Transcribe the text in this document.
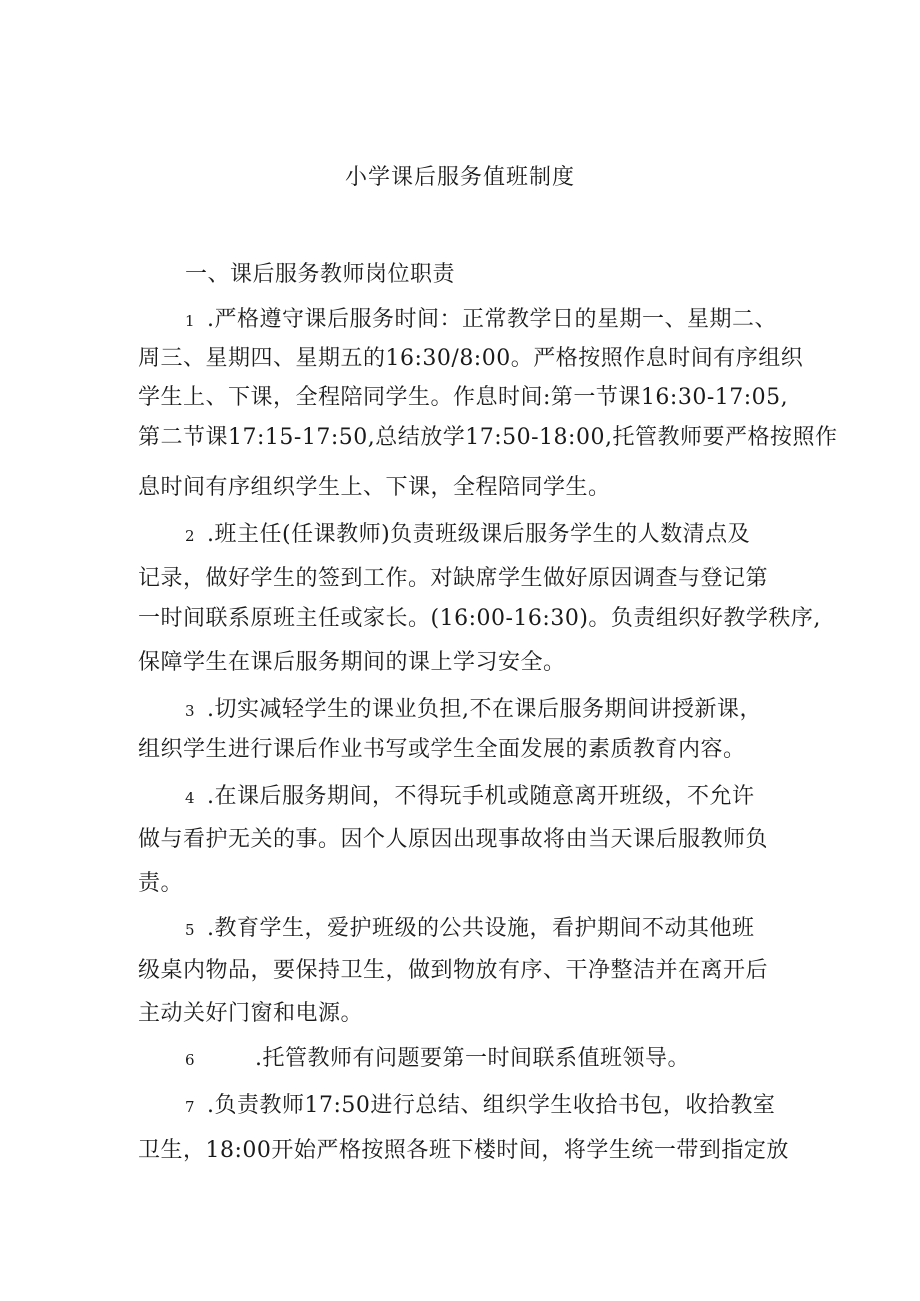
小学课后服务值班制度
一、课后服务教师岗位职责
1 .严格遵守课后服务时间：正常教学日的星期一、星期二、
周三、星期四、星期五的16:30/8:00。严格按照作息时间有序组织
学生上、下课，全程陪同学生。作息时间:第一节课16:30-17:05,
第二节课17:15-17:50,总结放学17:50-18:00,托管教师要严格按照作
息时间有序组织学生上、下课，全程陪同学生。
2 .班主任(任课教师)负责班级课后服务学生的人数清点及
记录，做好学生的签到工作。对缺席学生做好原因调查与登记第
一时间联系原班主任或家长。(16:00-16:30)。负责组织好教学秩序,
保障学生在课后服务期间的课上学习安全。
3 .切实减轻学生的课业负担,不在课后服务期间讲授新课，
组织学生进行课后作业书写或学生全面发展的素质教育内容。
4 .在课后服务期间，不得玩手机或随意离开班级，不允许
做与看护无关的事。因个人原因出现事故将由当天课后服教师负
责。
5 .教育学生，爱护班级的公共设施，看护期间不动其他班
级桌内物品，要保持卫生，做到物放有序、干净整洁并在离开后
主动关好门窗和电源。
6	.托管教师有问题要第一时间联系值班领导。
7 .负责教师17:50进行总结、组织学生收拾书包，收拾教室
卫生，18:00开始严格按照各班下楼时间，将学生统一带到指定放
